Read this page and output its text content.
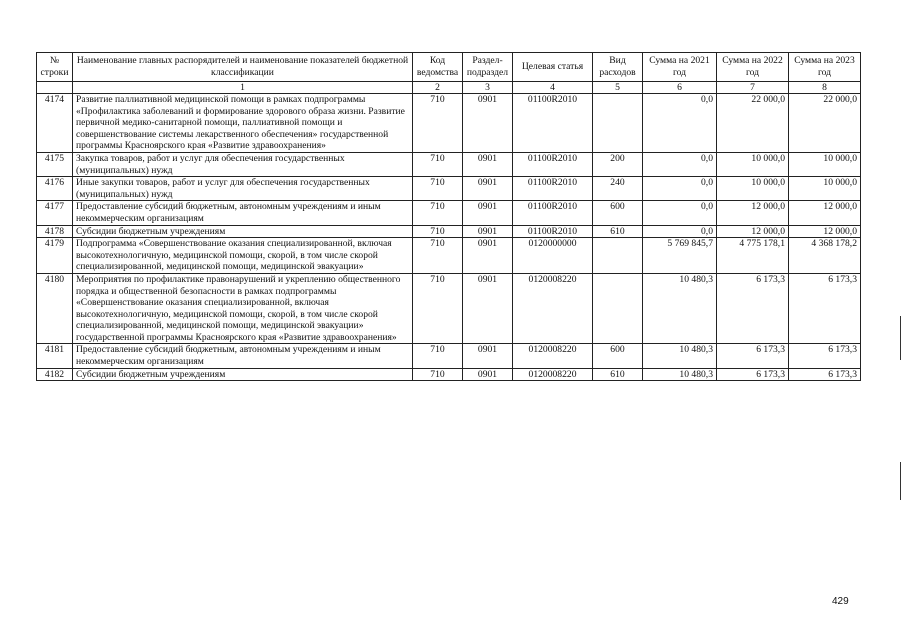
№ строки	Наименование главных распорядителей и наименование показателей бюджетной классификации	Код ведомства	Раздел-подраздел	Целевая статья	Вид расходов	Сумма на 2021 год	Сумма на 2022 год	Сумма на 2023 год
	1	2	3	4	5	6	7	8
4174	Развитие паллиативной медицинской помощи в рамках подпрограммы «Профилактика заболеваний и формирование здорового образа жизни. Развитие первичной медико-санитарной помощи, паллиативной помощи и совершенствование системы лекарственного обеспечения» государственной программы Красноярского края «Развитие здравоохранения»	710	0901	01100R2010		0,0	22 000,0	22 000,0
4175	Закупка товаров, работ и услуг для обеспечения государственных (муниципальных) нужд	710	0901	01100R2010	200	0,0	10 000,0	10 000,0
4176	Иные закупки товаров, работ и услуг для обеспечения государственных (муниципальных) нужд	710	0901	01100R2010	240	0,0	10 000,0	10 000,0
4177	Предоставление субсидий бюджетным, автономным учреждениям и иным некоммерческим организациям	710	0901	01100R2010	600	0,0	12 000,0	12 000,0
4178	Субсидии бюджетным учреждениям	710	0901	01100R2010	610	0,0	12 000,0	12 000,0
4179	Подпрограмма «Совершенствование оказания специализированной, включая высокотехнологичную, медицинской помощи, скорой, в том числе скорой специализированной, медицинской помощи, медицинской эвакуации»	710	0901	0120000000		5 769 845,7	4 775 178,1	4 368 178,2
4180	Мероприятия по профилактике правонарушений и укреплению общественного порядка и общественной безопасности в рамках подпрограммы «Совершенствование оказания специализированной, включая высокотехнологичную, медицинской помощи, скорой, в том числе скорой специализированной, медицинской помощи, медицинской эвакуации» государственной программы Красноярского края «Развитие здравоохранения»	710	0901	0120008220		10 480,3	6 173,3	6 173,3
4181	Предоставление субсидий бюджетным, автономным учреждениям и иным некоммерческим организациям	710	0901	0120008220	600	10 480,3	6 173,3	6 173,3
4182	Субсидии бюджетным учреждениям	710	0901	0120008220	610	10 480,3	6 173,3	6 173,3
429
